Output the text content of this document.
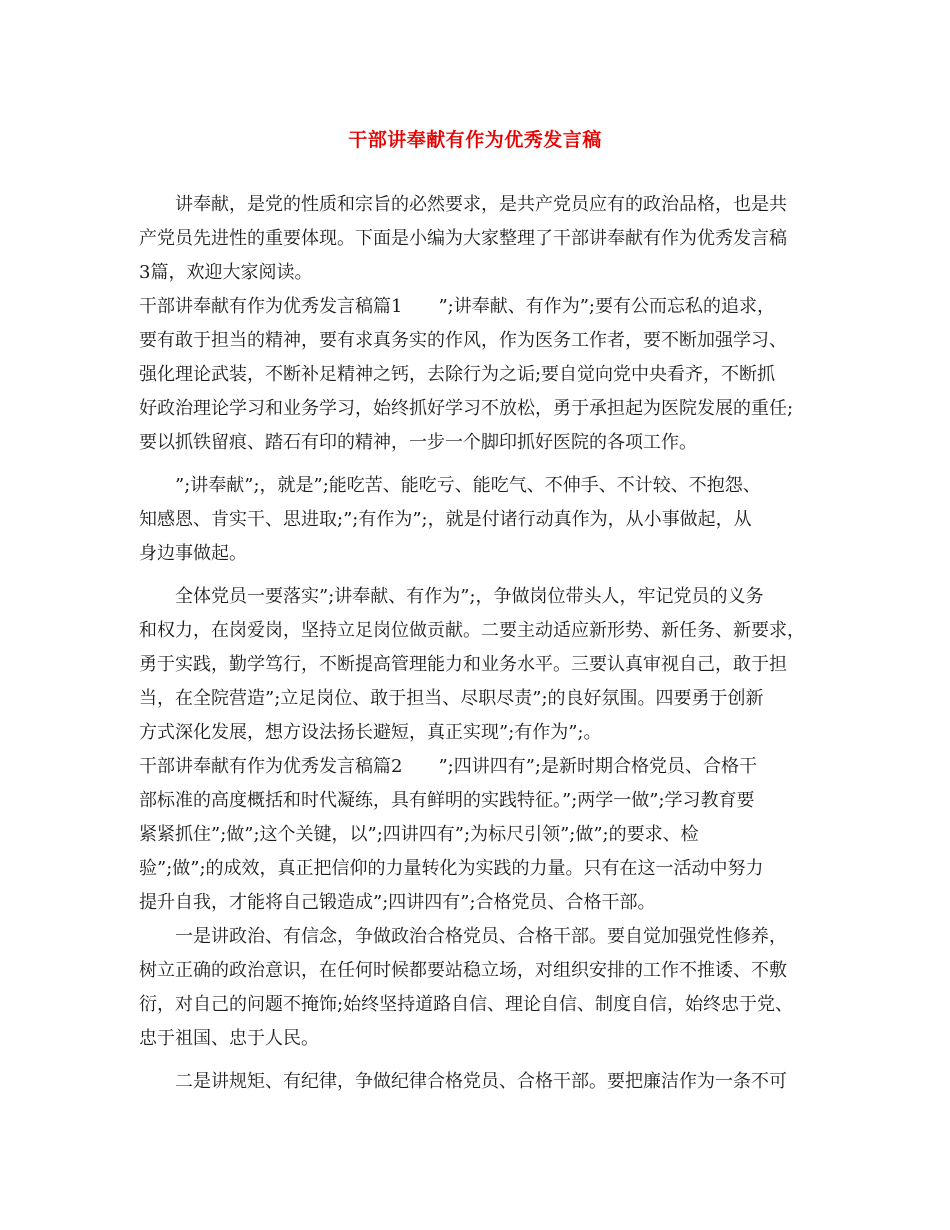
干部讲奉献有作为优秀发言稿
讲奉献，是党的性质和宗旨的必然要求，是共产党员应有的政治品格，也是共
产党员先进性的重要体现。下面是小编为大家整理了干部讲奉献有作为优秀发言稿
3篇，欢迎大家阅读。
干部讲奉献有作为优秀发言稿篇1　　”;讲奉献、有作为”;要有公而忘私的追求，
要有敢于担当的精神，要有求真务实的作风，作为医务工作者，要不断加强学习、
强化理论武装，不断补足精神之钙，去除行为之诟;要自觉向党中央看齐，不断抓
好政治理论学习和业务学习，始终抓好学习不放松，勇于承担起为医院发展的重任;
要以抓铁留痕、踏石有印的精神，一步一个脚印抓好医院的各项工作。
”;讲奉献”;，就是”;能吃苦、能吃亏、能吃气、不伸手、不计较、不抱怨、
知感恩、肯实干、思进取;”;有作为”;，就是付诸行动真作为，从小事做起，从
身边事做起。
全体党员一要落实”;讲奉献、有作为”;，争做岗位带头人，牢记党员的义务
和权力，在岗爱岗，坚持立足岗位做贡献。二要主动适应新形势、新任务、新要求，
勇于实践，勤学笃行，不断提高管理能力和业务水平。三要认真审视自己，敢于担
当，在全院营造”;立足岗位、敢于担当、尽职尽责”;的良好氛围。四要勇于创新
方式深化发展，想方设法扬长避短，真正实现”;有作为”;。
干部讲奉献有作为优秀发言稿篇2　　”;四讲四有”;是新时期合格党员、合格干
部标准的高度概括和时代凝练，具有鲜明的实践特征。”;两学一做”;学习教育要
紧紧抓住”;做”;这个关键，以”;四讲四有”;为标尺引领”;做”;的要求、检
验”;做”;的成效，真正把信仰的力量转化为实践的力量。只有在这一活动中努力
提升自我，才能将自己锻造成”;四讲四有”;合格党员、合格干部。
一是讲政治、有信念，争做政治合格党员、合格干部。要自觉加强党性修养，
树立正确的政治意识，在任何时候都要站稳立场，对组织安排的工作不推诿、不敷
衍，对自己的问题不掩饰;始终坚持道路自信、理论自信、制度自信，始终忠于党、
忠于祖国、忠于人民。
二是讲规矩、有纪律，争做纪律合格党员、合格干部。要把廉洁作为一条不可
